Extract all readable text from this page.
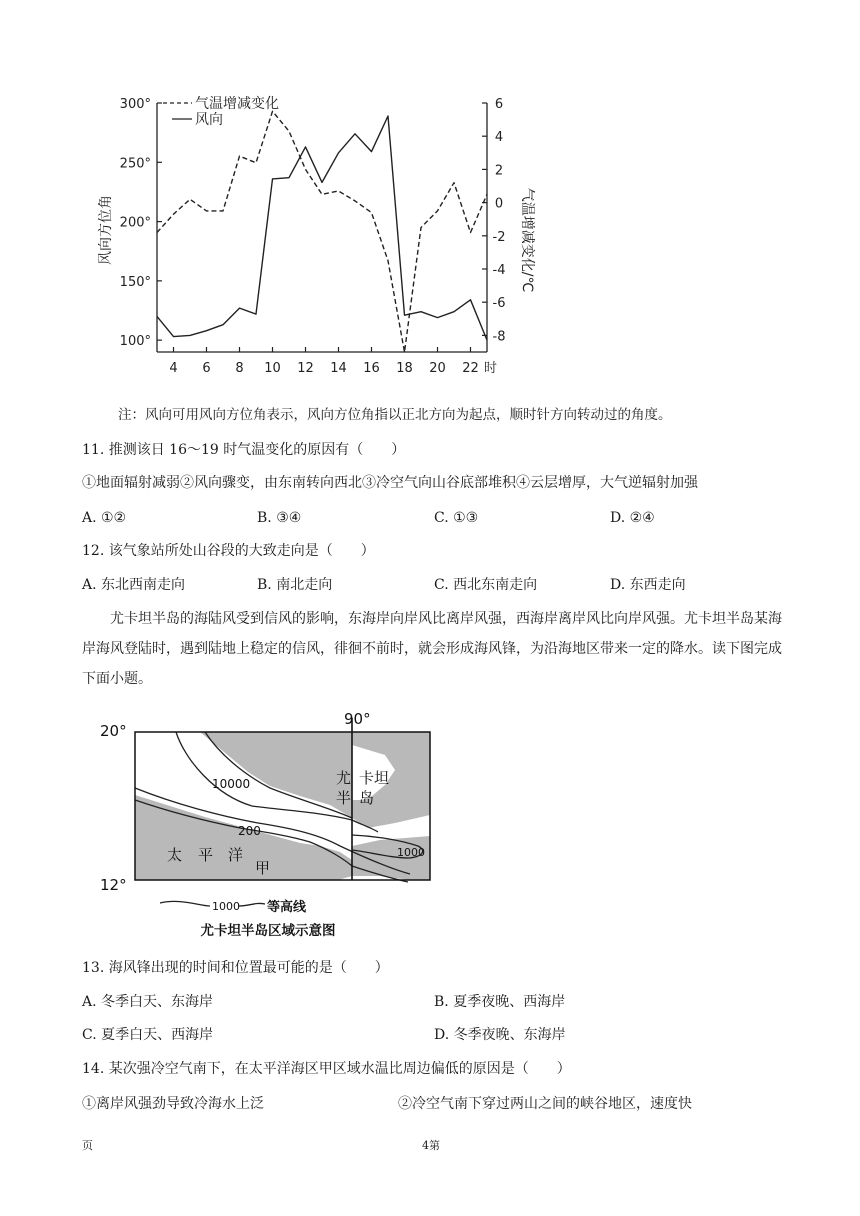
300°
250°
200°
150°
100°
6
4
2
0
-2
-4
-6
-8
4 6 8 10 12 14 16 18 20 22
气温增减变化
风向
风向方位角	气温增减变化/℃
时
注：风向可用风向方位角表示，风向方位角指以正北方向为起点，顺时针方向转动过的角度。
11. 推测该日 16～19 时气温变化的原因有（　　）
①地面辐射减弱②风向骤变，由东南转向西北③冷空气向山谷底部堆积④云层增厚，大气逆辐射加强
A. ①②	B. ③④	C. ①③	D. ②④
12. 该气象站所处山谷段的大致走向是（　　）
A. 东北西南走向	B. 南北走向	C. 西北东南走向	D. 东西走向
尤卡坦半岛的海陆风受到信风的影响，东海岸向岸风比离岸风强，西海岸离岸风比向岸风强。尤卡坦半岛某海岸海风登陆时，遇到陆地上稳定的信风，徘徊不前时，就会形成海风锋，为沿海地区带来一定的降水。读下图完成下面小题。
20°
12°
90°
10000
200
1000
太 平 洋
甲
尤
半
卡坦
岛
1000 等高线
尤卡坦半岛区域示意图
13. 海风锋出现的时间和位置最可能的是（　　）
A. 冬季白天、东海岸	B. 夏季夜晚、西海岸
C. 夏季白天、西海岸	D. 冬季夜晚、东海岸
14. 某次强冷空气南下，在太平洋海区甲区域水温比周边偏低的原因是（　　）
①离岸风强劲导致冷海水上泛	②冷空气南下穿过两山之间的峡谷地区，速度快
页	4第
